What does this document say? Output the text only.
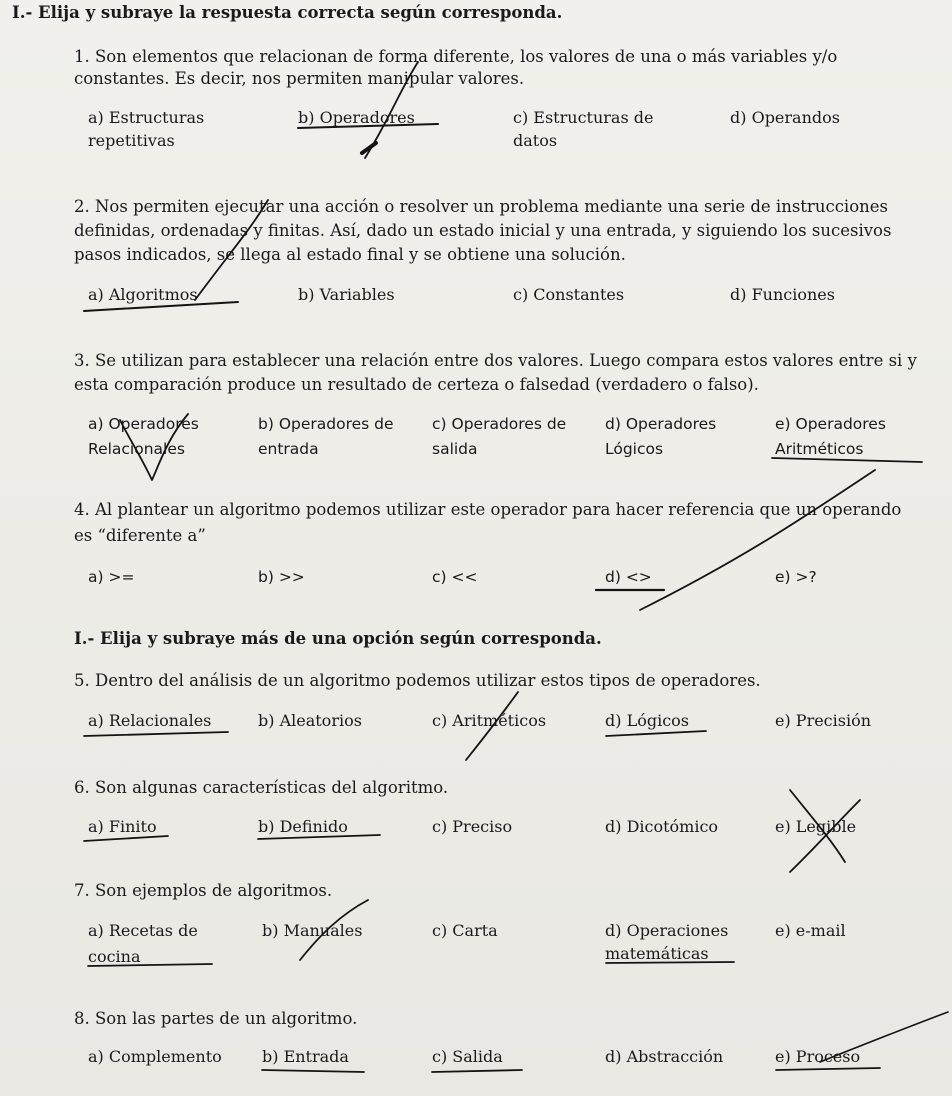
I.- Elija y subraye la respuesta correcta según corresponda.
1. Son elementos que relacionan de forma diferente, los valores de una o más variables y/o
constantes. Es decir, nos permiten manipular valores.
a) Estructuras
repetitivas
b) Operadores	c) Estructuras de
datos
d) Operandos
2. Nos permiten ejecutar una acción o resolver un problema mediante una serie de instrucciones
definidas, ordenadas y finitas. Así, dado un estado inicial y una entrada, y siguiendo los sucesivos
pasos indicados, se llega al estado final y se obtiene una solución.
a) Algoritmos	b) Variables	c) Constantes	d) Funciones
3. Se utilizan para establecer una relación entre dos valores. Luego compara estos valores entre si y
esta comparación produce un resultado de certeza o falsedad (verdadero o falso).
a) Operadores
Relacionales
b) Operadores de
entrada
c) Operadores de
salida
d) Operadores
Lógicos
e) Operadores
Aritméticos
4. Al plantear un algoritmo podemos utilizar este operador para hacer referencia que un operando
es “diferente a”
a) >=	b) >>	c) <<	d) <>	e) >?
I.- Elija y subraye más de una opción según corresponda.
5. Dentro del análisis de un algoritmo podemos utilizar estos tipos de operadores.
a) Relacionales	b) Aleatorios	c) Aritméticos	d) Lógicos	e) Precisión
6. Son algunas características del algoritmo.
a) Finito	b) Definido	c) Preciso	d) Dicotómico	e) Legible
7. Son ejemplos de algoritmos.
a) Recetas de
cocina
b) Manuales	c) Carta	d) Operaciones
matemáticas
e) e-mail
8. Son las partes de un algoritmo.
a) Complemento	b) Entrada	c) Salida	d) Abstracción	e) Proceso
